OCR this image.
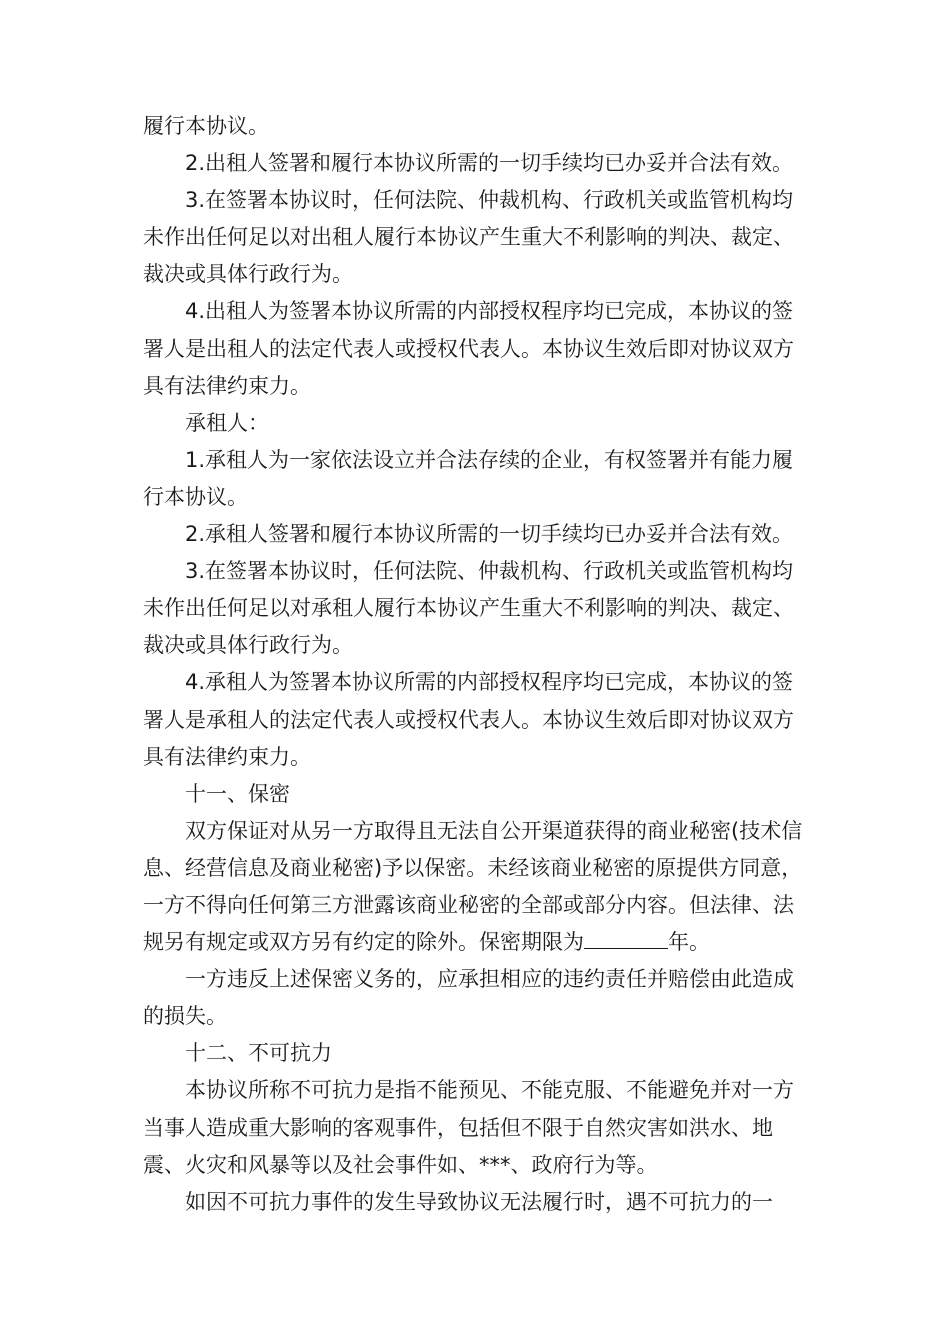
履行本协议。

2.出租人签署和履行本协议所需的一切手续均已办妥并合法有效。

3.在签署本协议时，任何法院、仲裁机构、行政机关或监管机构均未作出任何足以对出租人履行本协议产生重大不利影响的判决、裁定、裁决或具体行政行为。

4.出租人为签署本协议所需的内部授权程序均已完成，本协议的签署人是出租人的法定代表人或授权代表人。本协议生效后即对协议双方具有法律约束力。

承租人：

1.承租人为一家依法设立并合法存续的企业，有权签署并有能力履行本协议。

2.承租人签署和履行本协议所需的一切手续均已办妥并合法有效。

3.在签署本协议时，任何法院、仲裁机构、行政机关或监管机构均未作出任何足以对承租人履行本协议产生重大不利影响的判决、裁定、裁决或具体行政行为。

4.承租人为签署本协议所需的内部授权程序均已完成，本协议的签署人是承租人的法定代表人或授权代表人。本协议生效后即对协议双方具有法律约束力。

十一、保密

双方保证对从另一方取得且无法自公开渠道获得的商业秘密(技术信息、经营信息及商业秘密)予以保密。未经该商业秘密的原提供方同意，一方不得向任何第三方泄露该商业秘密的全部或部分内容。但法律、法规另有规定或双方另有约定的除外。保密期限为	年。

一方违反上述保密义务的，应承担相应的违约责任并赔偿由此造成的损失。

十二、不可抗力

本协议所称不可抗力是指不能预见、不能克服、不能避免并对一方当事人造成重大影响的客观事件，包括但不限于自然灾害如洪水、地震、火灾和风暴等以及社会事件如、***、政府行为等。

如因不可抗力事件的发生导致协议无法履行时，遇不可抗力的一
